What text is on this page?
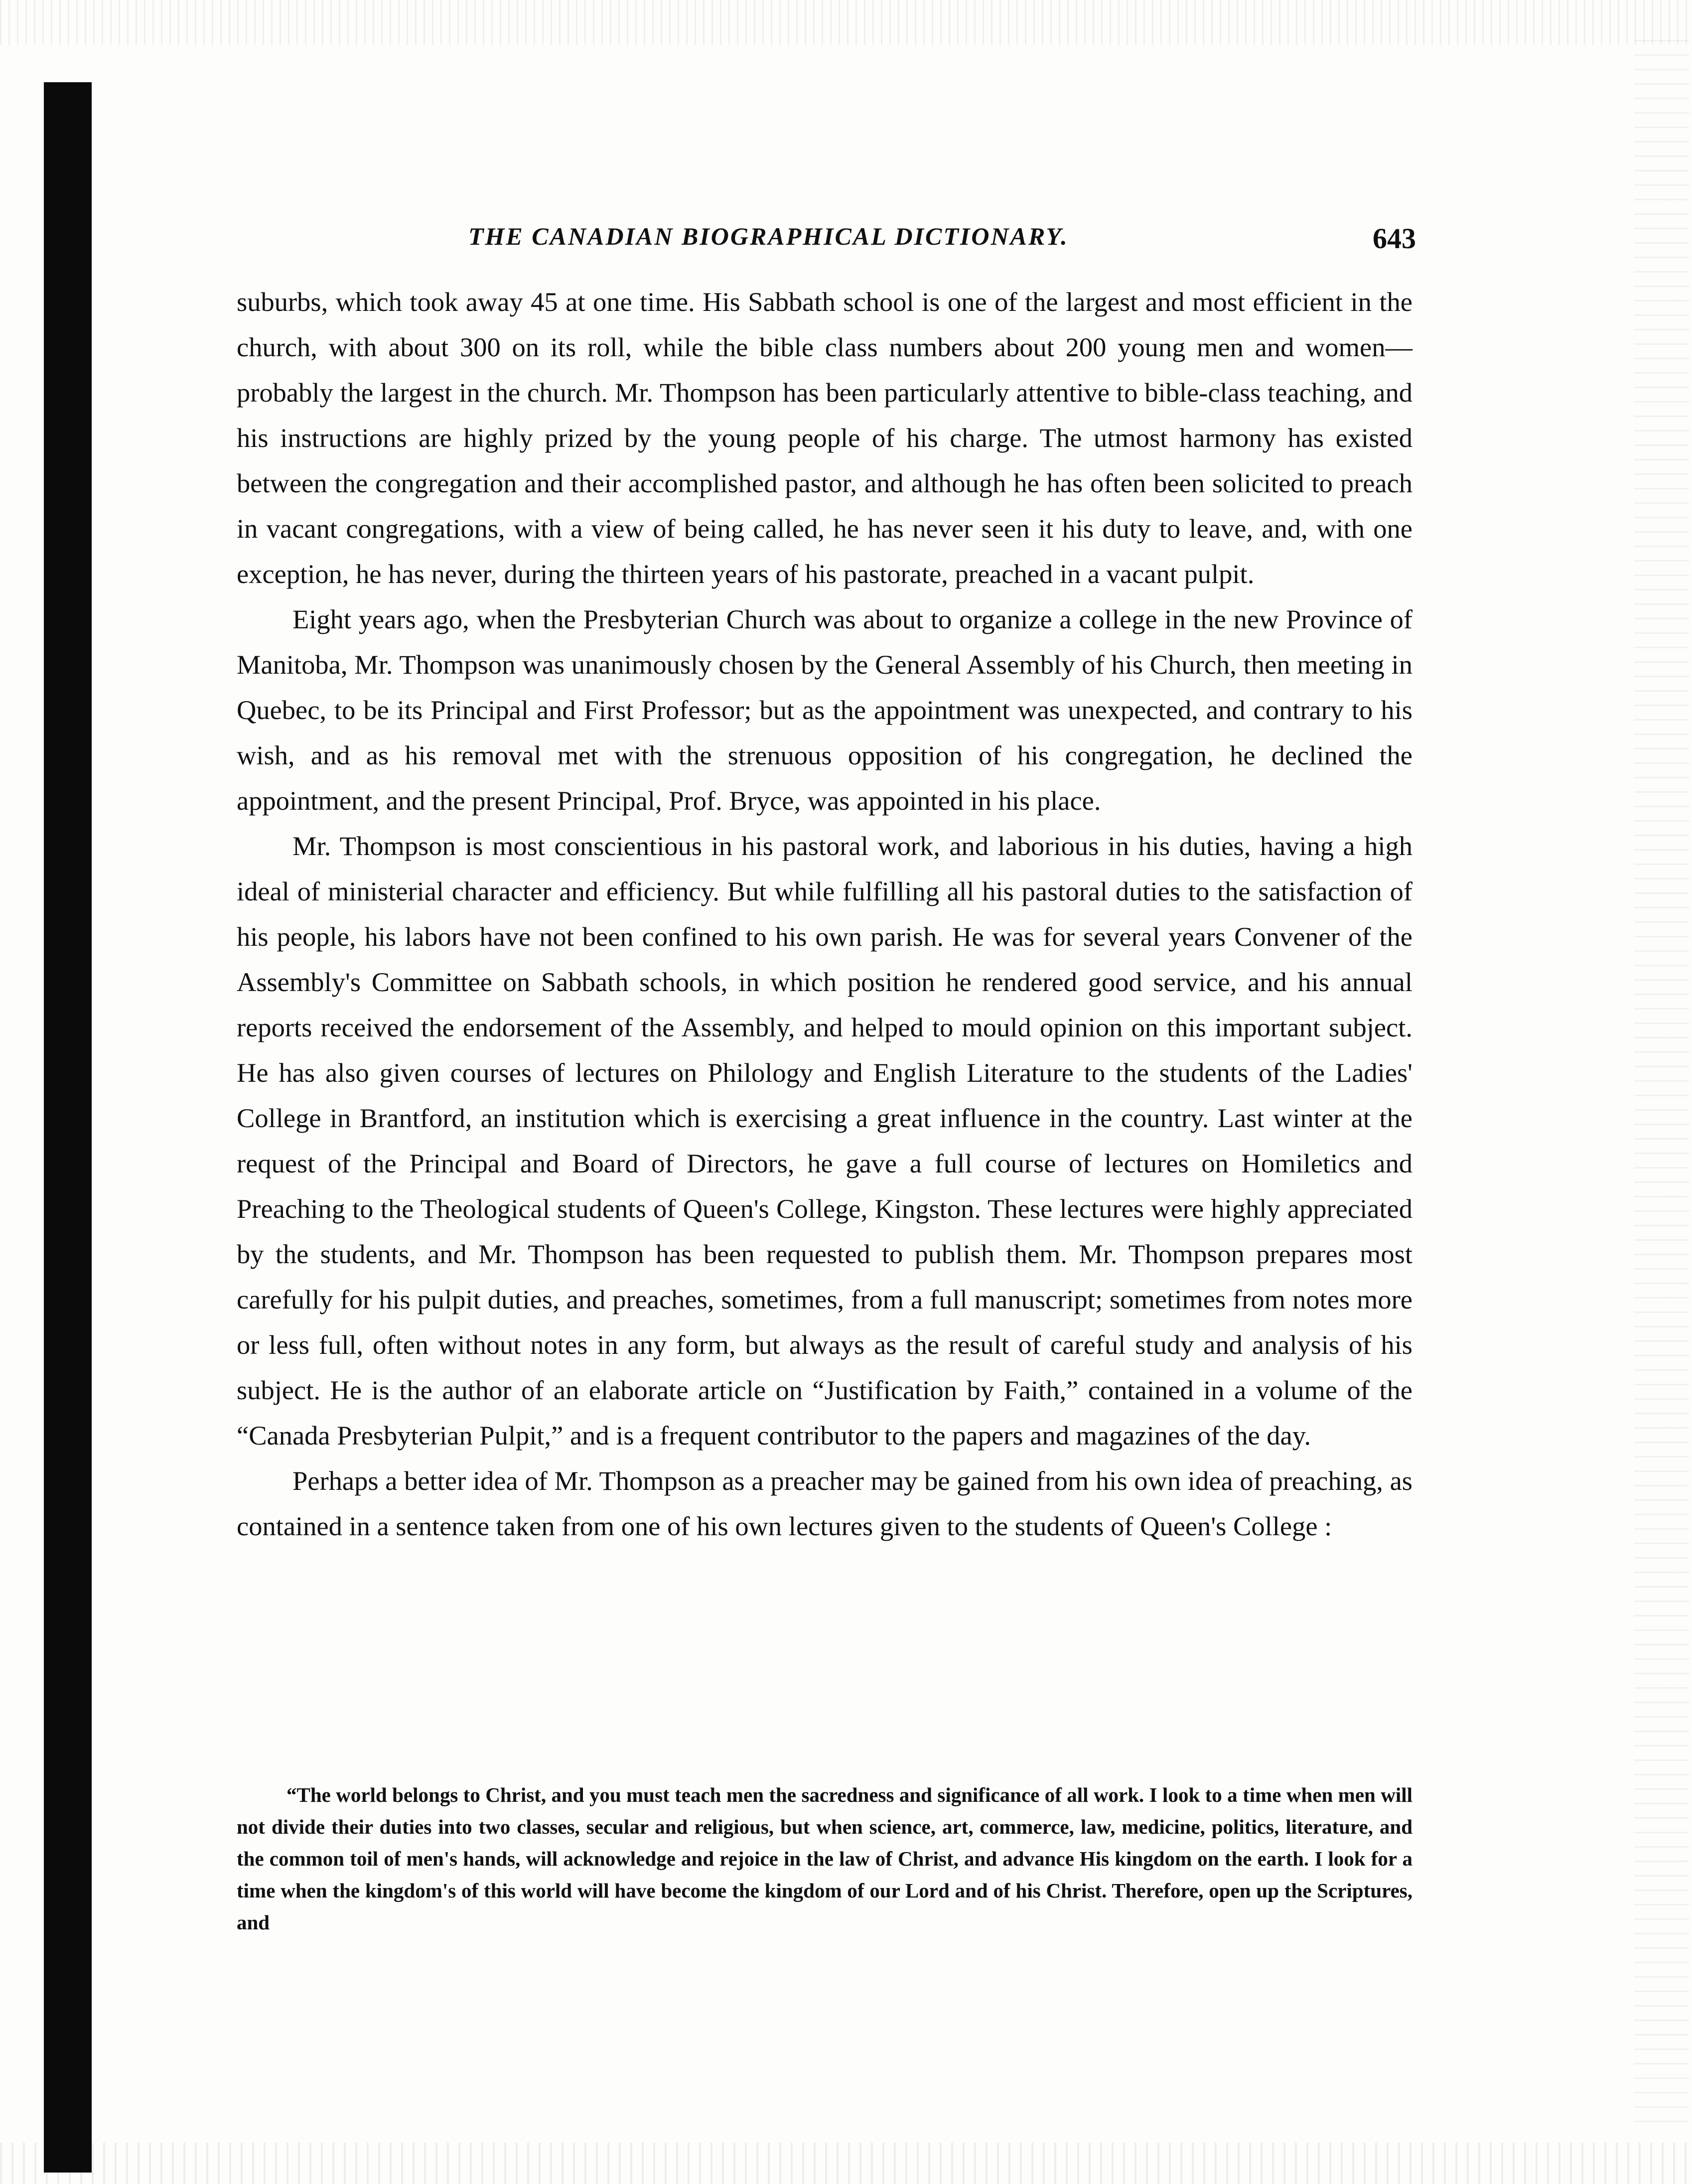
THE CANADIAN BIOGRAPHICAL DICTIONARY.	643

suburbs, which took away 45 at one time. His Sabbath school is one of the largest and most efficient in the church, with about 300 on its roll, while the bible class numbers about 200 young men and women—probably the largest in the church. Mr. Thompson has been particularly attentive to bible-class teaching, and his instructions are highly prized by the young people of his charge. The utmost harmony has existed between the congregation and their accomplished pastor, and although he has often been solicited to preach in vacant congregations, with a view of being called, he has never seen it his duty to leave, and, with one exception, he has never, during the thirteen years of his pastorate, preached in a vacant pulpit.

Eight years ago, when the Presbyterian Church was about to organize a college in the new Province of Manitoba, Mr. Thompson was unanimously chosen by the General Assembly of his Church, then meeting in Quebec, to be its Principal and First Professor; but as the appointment was unexpected, and contrary to his wish, and as his removal met with the strenuous opposition of his congregation, he declined the appointment, and the present Principal, Prof. Bryce, was appointed in his place.

Mr. Thompson is most conscientious in his pastoral work, and laborious in his duties, having a high ideal of ministerial character and efficiency. But while fulfilling all his pastoral duties to the satisfaction of his people, his labors have not been confined to his own parish. He was for several years Convener of the Assembly's Committee on Sabbath schools, in which position he rendered good service, and his annual reports received the endorsement of the Assembly, and helped to mould opinion on this important subject. He has also given courses of lectures on Philology and English Literature to the students of the Ladies' College in Brantford, an institution which is exercising a great influence in the country. Last winter at the request of the Principal and Board of Directors, he gave a full course of lectures on Homiletics and Preaching to the Theological students of Queen's College, Kingston. These lectures were highly appreciated by the students, and Mr. Thompson has been requested to publish them. Mr. Thompson prepares most carefully for his pulpit duties, and preaches, sometimes, from a full manuscript; sometimes from notes more or less full, often without notes in any form, but always as the result of careful study and analysis of his subject. He is the author of an elaborate article on “Justification by Faith,” contained in a volume of the “Canada Presbyterian Pulpit,” and is a frequent contributor to the papers and magazines of the day.

Perhaps a better idea of Mr. Thompson as a preacher may be gained from his own idea of preaching, as contained in a sentence taken from one of his own lectures given to the students of Queen's College :

“The world belongs to Christ, and you must teach men the sacredness and significance of all work. I look to a time when men will not divide their duties into two classes, secular and religious, but when science, art, commerce, law, medicine, politics, literature, and the common toil of men's hands, will acknowledge and rejoice in the law of Christ, and advance His kingdom on the earth. I look for a time when the kingdom's of this world will have become the kingdom of our Lord and of his Christ. Therefore, open up the Scriptures, and
